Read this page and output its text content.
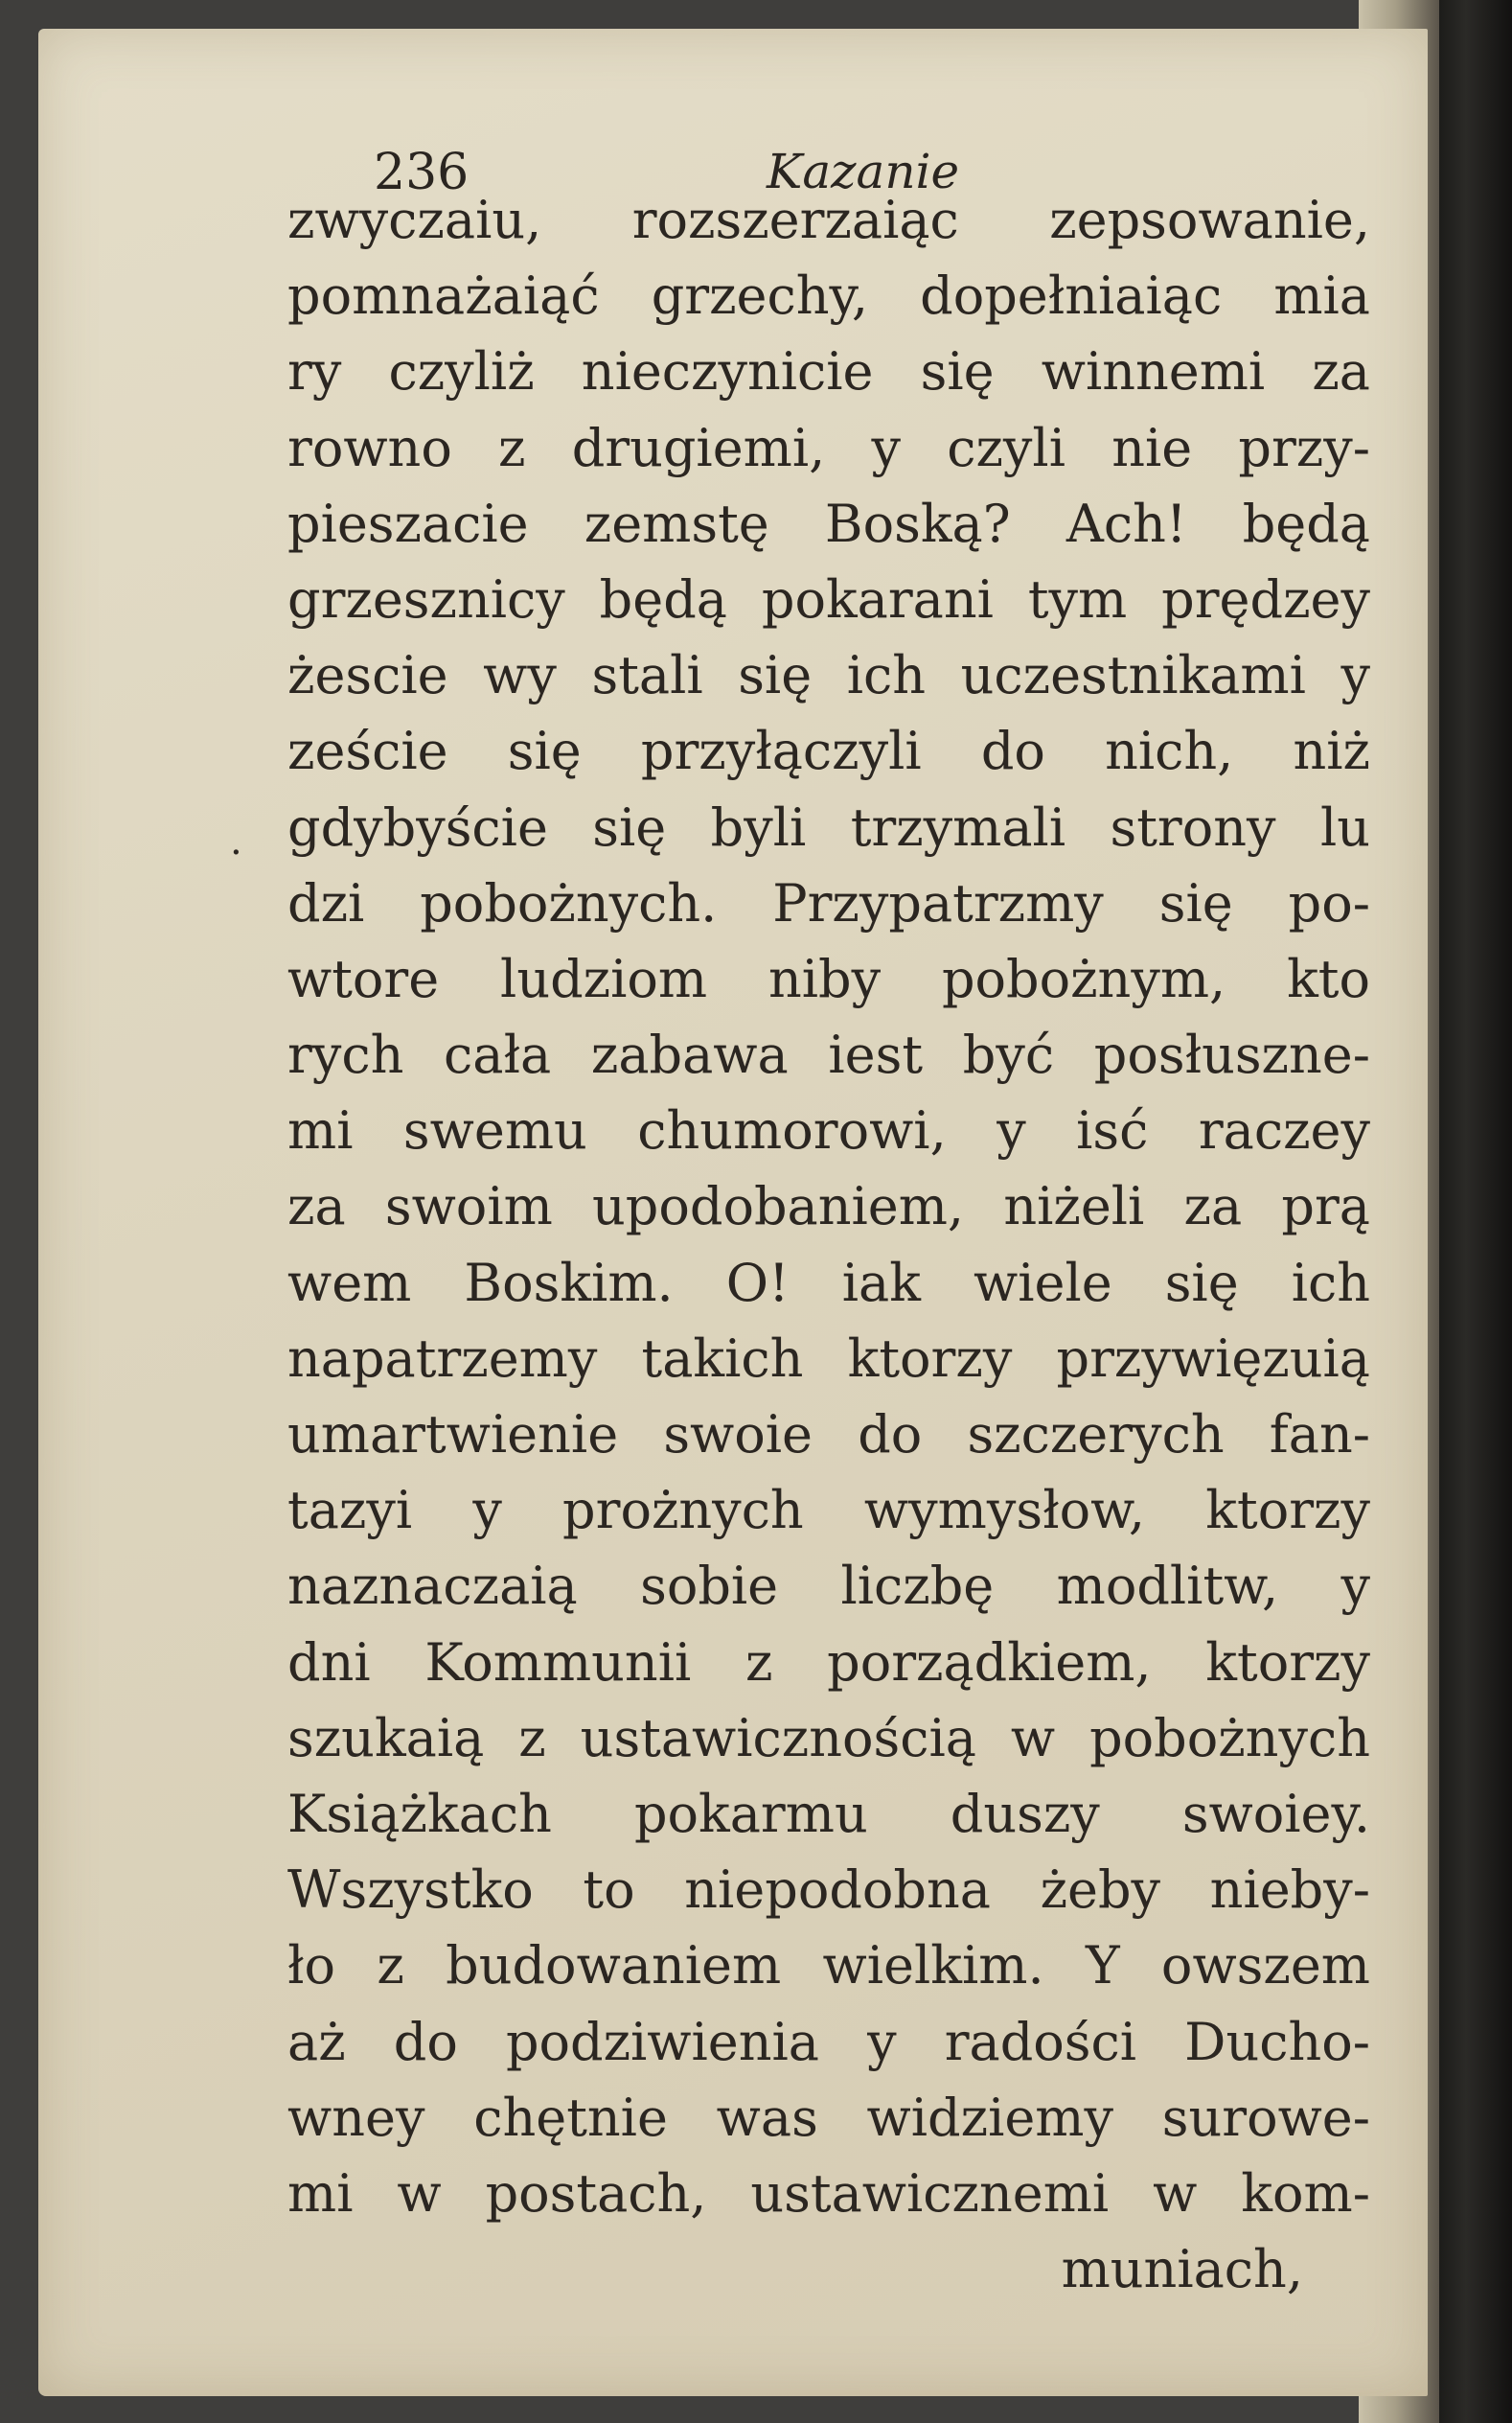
236	Kazanie
.
zwyczaiu, rozszerzaiąc zepsowanie,
pomnażaiąć grzechy, dopełniaiąc mia
ry czyliż nieczynicie się winnemi za
rowno z drugiemi, y czyli nie przy-
pieszacie zemstę Boską? Ach! będą
grzesznicy będą pokarani tym prędzey
żescie wy stali się ich uczestnikami y
zeście się przyłączyli do nich, niż
gdybyście się byli trzymali strony lu
dzi pobożnych. Przypatrzmy się po-
wtore ludziom niby pobożnym, kto
rych cała zabawa iest być posłuszne-
mi swemu chumorowi, y isć raczey
za swoim upodobaniem, niżeli za prą
wem Boskim. O! iak wiele się ich
napatrzemy takich ktorzy przywięzuią
umartwienie swoie do szczerych fan-
tazyi y prożnych wymysłow, ktorzy
naznaczaią sobie liczbę modlitw, y
dni Kommunii z porządkiem, ktorzy
szukaią z ustawicznością w pobożnych
Książkach pokarmu duszy swoiey.
Wszystko to niepodobna żeby nieby-
ło z budowaniem wielkim. Y owszem
aż do podziwienia y radości Ducho-
wney chętnie was widziemy surowe-
mi w postach, ustawicznemi w kom-
muniach,
